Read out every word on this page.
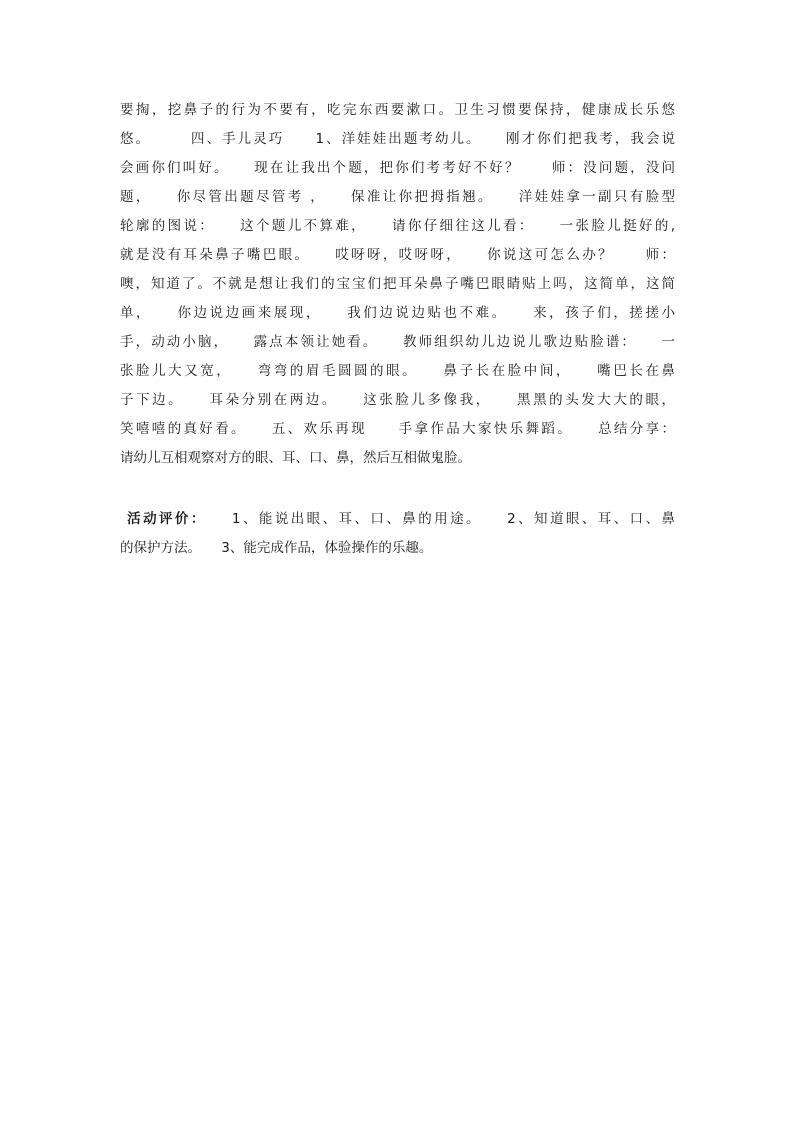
要掏，挖鼻子的行为不要有，吃完东西要漱口。卫生习惯要保持，健康成长乐悠
悠。　　　四、手儿灵巧　　1、洋娃娃出题考幼儿。　　刚才你们把我考，我会说
会画你们叫好。　　现在让我出个题，把你们考考好不好？　　师：没问题，没问
题，　　你尽管出题尽管考 ，　　保准让你把拇指翘。　　洋娃娃拿一副只有脸型
轮廓的图说：　　这个题儿不算难，　　请你仔细往这儿看：　　一张脸儿挺好的,
就是没有耳朵鼻子嘴巴眼。　　哎呀呀，哎呀呀，　　你说这可怎么办？　　师：
噢，知道了。不就是想让我们的宝宝们把耳朵鼻子嘴巴眼睛贴上吗，这简单，这简
单，　　你边说边画来展现，　　我们边说边贴也不难。　　来，孩子们，搓搓小
手，动动小脑，　　露点本领让她看。　　教师组织幼儿边说儿歌边贴脸谱：　　一
张脸儿大又宽，　　弯弯的眉毛圆圆的眼。　　鼻子长在脸中间，　　嘴巴长在鼻
子下边。　　耳朵分别在两边。　　这张脸儿多像我，　　黑黑的头发大大的眼，
笑嘻嘻的真好看。　　五、欢乐再现　　手拿作品大家快乐舞蹈。　　总结分享：
请幼儿互相观察对方的眼、耳、口、鼻，然后互相做鬼脸。
活动评价：　　1、能说出眼、耳、口、鼻的用途。　　2、知道眼、耳、口、鼻
的保护方法。　　3、能完成作品，体验操作的乐趣。
